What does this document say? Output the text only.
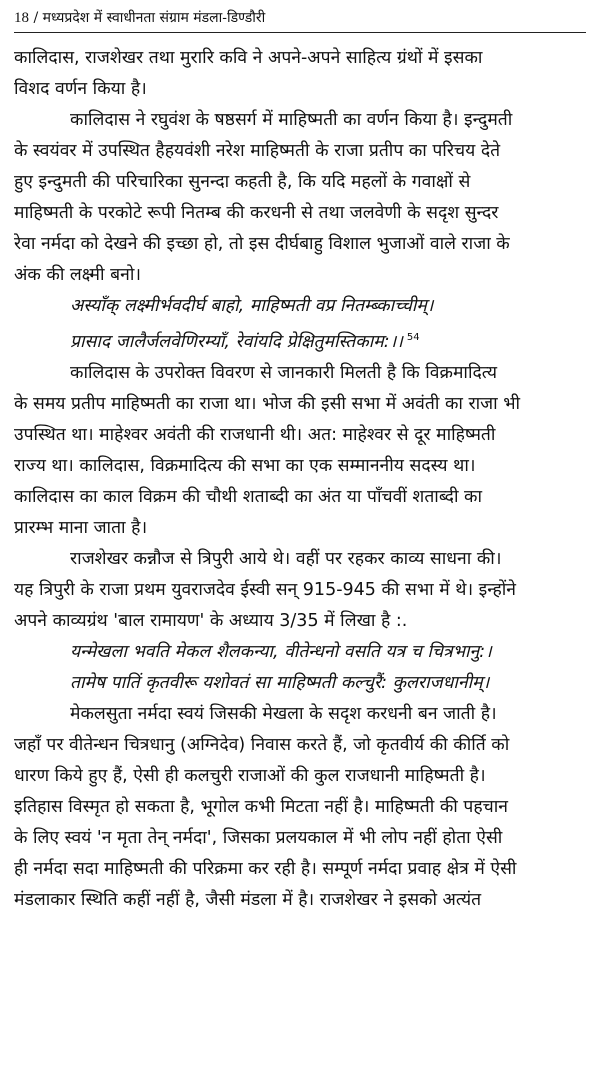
18 / मध्यप्रदेश में स्वाधीनता संग्राम मंडला-डिण्डौरी

कालिदास, राजशेखर तथा मुरारि कवि ने अपने-अपने साहित्य ग्रंथों में इसका
विशद वर्णन किया है।
कालिदास ने रघुवंश के षष्ठसर्ग में माहिष्मती का वर्णन किया है। इन्दुमती
के स्वयंवर में उपस्थित हैहयवंशी नरेश माहिष्मती के राजा प्रतीप का परिचय देते
हुए इन्दुमती की परिचारिका सुनन्दा कहती है, कि यदि महलों के गवाक्षों से
माहिष्मती के परकोटे रूपी नितम्ब की करधनी से तथा जलवेणी के सदृश सुन्दर
रेवा नर्मदा को देखने की इच्छा हो, तो इस दीर्घबाहु विशाल भुजाओं वाले राजा के
अंक की लक्ष्मी बनो।

अस्याँक् लक्ष्मीर्भवदीर्घ बाहो, माहिष्मती वप्र नितम्ब्काच्चीम्।
प्रासाद जालैर्जलवेणिरम्याँ, रेवांयदि प्रेक्षितुमस्तिकाम:।। $^{54}$

कालिदास के उपरोक्त विवरण से जानकारी मिलती है कि विक्रमादित्य
के समय प्रतीप माहिष्मती का राजा था। भोज की इसी सभा में अवंती का राजा भी
उपस्थित था। माहेश्वर अवंती की राजधानी थी। अत: माहेश्वर से दूर माहिष्मती
राज्य था। कालिदास, विक्रमादित्य की सभा का एक सम्माननीय सदस्य था।
कालिदास का काल विक्रम की चौथी शताब्दी का अंत या पाँचवीं शताब्दी का
प्रारम्भ माना जाता है।
राजशेखर कन्नौज से त्रिपुरी आये थे। वहीं पर रहकर काव्य साधना की।
यह त्रिपुरी के राजा प्रथम युवराजदेव ईस्वी सन् 915-945 की सभा में थे। इन्होंने
अपने काव्यग्रंथ 'बाल रामायण' के अध्याय 3/35 में लिखा है :.

यन्मेखला भवति मेकल शैलकन्या, वीतेन्धनो वसति यत्र च चित्रभानु:।
तामेष पातिं कृतवीरू यशोवतं सा माहिष्मती कल्चुरैं: कुलराजधानीम्।

मेकलसुता नर्मदा स्वयं जिसकी मेखला के सदृश करधनी बन जाती है।
जहाँ पर वीतेन्धन चित्रधानु (अग्निदेव) निवास करते हैं, जो कृतवीर्य की कीर्ति को
धारण किये हुए हैं, ऐसी ही कलचुरी राजाओं की कुल राजधानी माहिष्मती है।
इतिहास विस्मृत हो सकता है, भूगोल कभी मिटता नहीं है। माहिष्मती की पहचान
के लिए स्वयं 'न मृता तेन् नर्मदा', जिसका प्रलयकाल में भी लोप नहीं होता ऐसी
ही नर्मदा सदा माहिष्मती की परिक्रमा कर रही है। सम्पूर्ण नर्मदा प्रवाह क्षेत्र में ऐसी
मंडलाकार स्थिति कहीं नहीं है, जैसी मंडला में है। राजशेखर ने इसको अत्यंत
